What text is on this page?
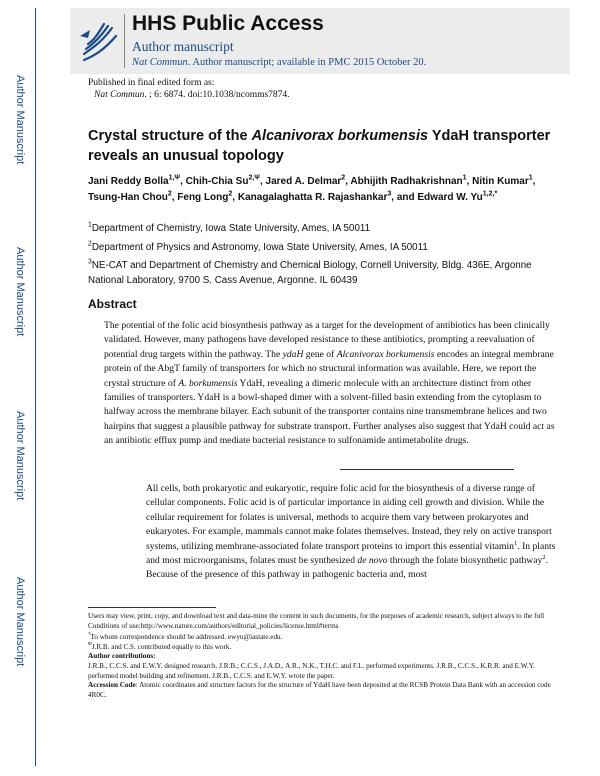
HHS Public Access
Author manuscript
Nat Commun. Author manuscript; available in PMC 2015 October 20.
Author Manuscript
Author Manuscript
Author Manuscript
Author Manuscript
Published in final edited form as:
Nat Commun. ; 6: 6874. doi:10.1038/ncomms7874.
Crystal structure of the Alcanivorax borkumensis YdaH transporter reveals an unusual topology
Jani Reddy Bolla$^{1,\Psi}$, Chih-Chia $Su^{2,\Psi}$, Jared A. Delmar$^2$, Abhijith Radhakrishnan$^1$, Nitin Kumar$^1$, Tsung-Han Chou$^2$, Feng Long$^2$, Kanagalaghatta R. Rajashankar$^3$, and Edward W. $Yu^{1,2,*}$
$^1$Department of Chemistry, Iowa State University, Ames, IA 50011
$^2$Department of Physics and Astronomy, Iowa State University, Ames, IA 50011
$^3$NE-CAT and Department of Chemistry and Chemical Biology, Cornell University, Bldg. 436E, Argonne National Laboratory, 9700 S. Cass Avenue, Argonne. IL 60439
Abstract
The potential of the folic acid biosynthesis pathway as a target for the development of antibiotics has been clinically validated. However, many pathogens have developed resistance to these antibiotics, prompting a reevaluation of potential drug targets within the pathway. The ydaH gene of Alcanivorax borkumensis encodes an integral membrane protein of the AbgT family of transporters for which no structural information was available. Here, we report the crystal structure of A. borkumensis YdaH, revealing a dimeric molecule with an architecture distinct from other families of transporters. YdaH is a bowl-shaped dimer with a solvent-filled basin extending from the cytoplasm to halfway across the membrane bilayer. Each subunit of the transporter contains nine transmembrane helices and two hairpins that suggest a plausible pathway for substrate transport. Further analyses also suggest that YdaH could act as an antibiotic efflux pump and mediate bacterial resistance to sulfonamide antimetabolite drugs.
All cells, both prokaryotic and eukaryotic, require folic acid for the biosynthesis of a diverse range of cellular components. Folic acid is of particular importance in aiding cell growth and division. While the cellular requirement for folates is universal, methods to acquire them vary between prokaryotes and eukaryotes. For example, mammals cannot make folates themselves. Instead, they rely on active transport systems, utilizing membrane-associated folate transport proteins to import this essential vitamin$^1$. In plants and most microorganisms, folates must be synthesized de novo through the folate biosynthetic pathway$^2$. Because of the presence of this pathway in pathogenic bacteria and, most

Users may view, print, copy, and download text and data-mine the content in such documents, for the purposes of academic research, subject always to the full Conditions of use:http://www.nature.com/authors/editorial_policies/license.html#terms

*To whom correspondence should be addressed. ewyu@iastate.edu.

$^\Psi$J.R.B. and C.S. contributed equally to this work.

Author contributions:

J.R.B., C.C.S. and E.W.Y. designed research. J.R.B.; C.C.S., J.A.D., A.R., N.K., T.H.C. and F.L. performed experiments. J.R.B., C.C.S., K.R.R. and E.W.Y. performed model building and refinement. J.R.B., C.C.S. and E.W.Y. wrote the paper.

Accession Code: Atomic coordinates and structure factors for the structure of YdaH have been deposited at the RCSB Protein Data Bank with an accession code 4R0C.
